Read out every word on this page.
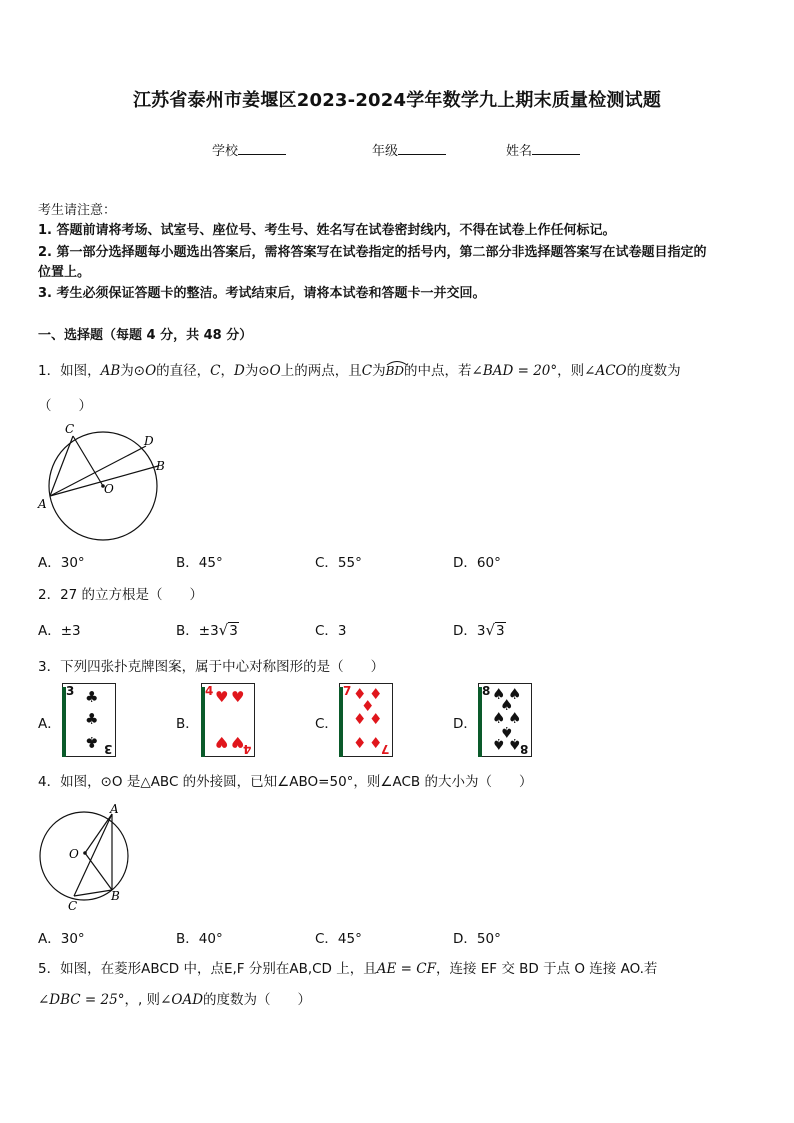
江苏省泰州市姜堰区2023-2024学年数学九上期末质量检测试题
学校	年级	姓名
考生请注意：
1. 答题前请将考场、试室号、座位号、考生号、姓名写在试卷密封线内，不得在试卷上作任何标记。
2. 第一部分选择题每小题选出答案后，需将答案写在试卷指定的括号内，第二部分非选择题答案写在试卷题目指定的
位置上。
3. 考生必须保证答题卡的整洁。考试结束后，请将本试卷和答题卡一并交回。
一、选择题（每题 4 分，共 48 分）
1．如图，AB为⊙O的直径，C，D为⊙O上的两点，且C为
BD的中点，若∠BAD = 20°，则∠ACO的度数为
（　　）
A
B
C
D
O
A．30°	B．45°	C．55°	D．60°
2．27 的立方根是（　　）
A．±3	B．±3√3	C．3	D．3√3
3．下列四张扑克牌图案，属于中心对称图形的是（　　）
A．
3 ♣
♣
♣ 3
B．
4 ♥ ♥
♥ ♥
4
C．
7 ♦ ♦
♦
♦ ♦
♦ ♦
7
D．
8 ♠ ♠
♠
♠ ♠
♠
♠ ♠
8
4．如图，⊙O 是△ABC 的外接圆，已知∠ABO=50°，则∠ACB 的大小为（　　）
A
B
C
O
A．30°	B．40°	C．45°	D．50°
5．如图，在菱形ABCD 中，点E,F 分别在AB,CD 上，且AE = CF，连接 EF 交 BD 于点 O 连接 AO.若
∠DBC = 25°，, 则∠OAD的度数为（　　）
